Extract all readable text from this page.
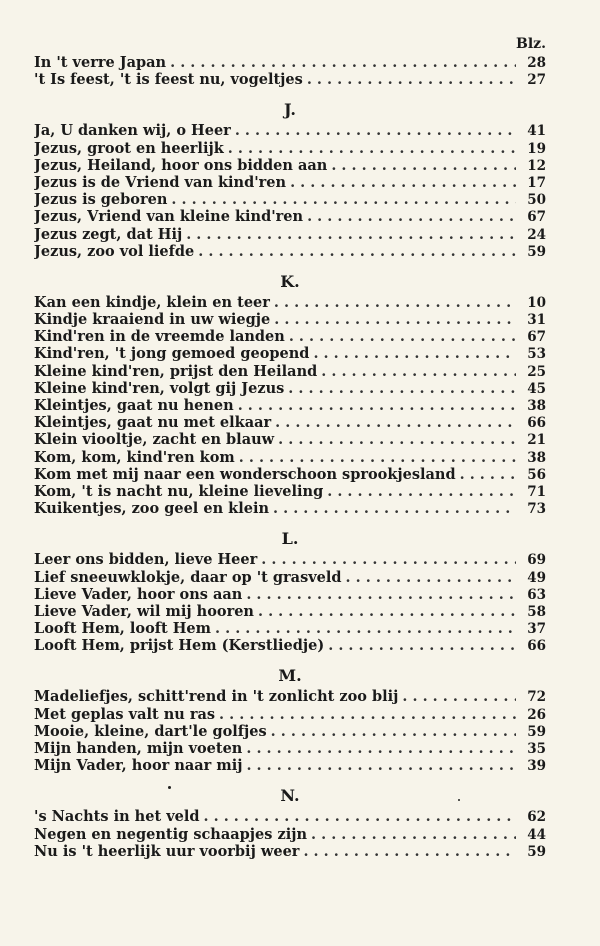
Blz.
In 't verre Japan . . .	28
't Is feest, 't is feest nu, vogeltjes . . .	27
J.
Ja, U danken wij, o Heer . . .	41
Jezus, groot en heerlijk . . .	19
Jezus, Heiland, hoor ons bidden aan . . .	12
Jezus is de Vriend van kind'ren . . .	17
Jezus is geboren . . .	50
Jezus, Vriend van kleine kind'ren . . .	67
Jezus zegt, dat Hij . . .	24
Jezus, zoo vol liefde . . .	59
K.
Kan een kindje, klein en teer . . .	10
Kindje kraaiend in uw wiegje . . .	31
Kind'ren in de vreemde landen . . .	67
Kind'ren, 't jong gemoed geopend . . .	53
Kleine kind'ren, prijst den Heiland . . .	25
Kleine kind'ren, volgt gij Jezus . . .	45
Kleintjes, gaat nu henen . . .	38
Kleintjes, gaat nu met elkaar . . .	66
Klein viooltje, zacht en blauw . . .	21
Kom, kom, kind'ren kom . . .	38
Kom met mij naar een wonderschoon sprookjesland . . .	56
Kom, 't is nacht nu, kleine lieveling . . .	71
Kuikentjes, zoo geel en klein . . .	73
L.
Leer ons bidden, lieve Heer . . .	69
Lief sneeuwklokje, daar op 't grasveld . . .	49
Lieve Vader, hoor ons aan . . .	63
Lieve Vader, wil mij hooren . . .	58
Looft Hem, looft Hem . . .	37
Looft Hem, prijst Hem (Kerstliedje) . . .	66
M.
Madeliefjes, schitt'rend in 't zonlicht zoo blij . . .	72
Met geplas valt nu ras . . .	26
Mooie, kleine, dart'le golfjes . . .	59
Mijn handen, mijn voeten . . .	35
Mijn Vader, hoor naar mij . . .	39
N.
's Nachts in het veld . . .	62
Negen en negentig schaapjes zijn . . .	44
Nu is 't heerlijk uur voorbij weer . . .	59
